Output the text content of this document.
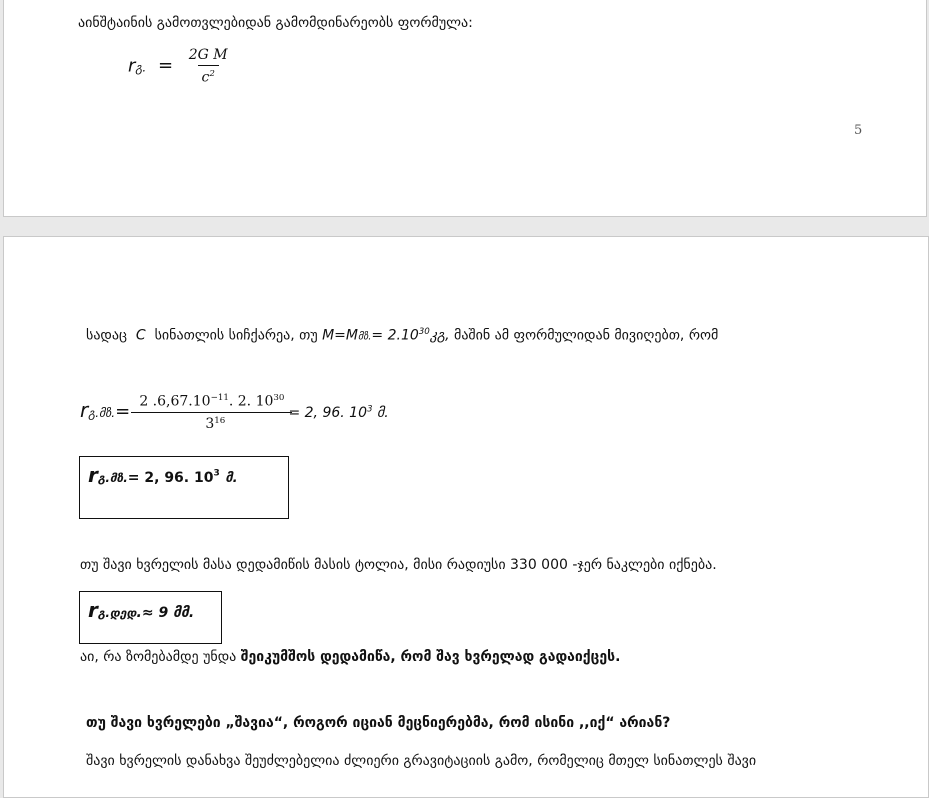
აინშტაინის გამოთვლებიდან გამომდინარეობს ფორმულა:
rგ. = $\frac{\text{2G M}}{c^2}$
5
სადაც C სინათლის სიჩქარეა, თუ M=Mმზ.= $2.10^{30}კგ$, მაშინ ამ ფორმულიდან მივიღებთ, რომ
rგ.მზ.= $\frac{2 .6,67.10^{-11}. 2. 10^{30}}{3^{16}} = 2$, 96. $10^3$ მ.
rგ.მზ.= 2, 96. $10^3$ მ.
თუ შავი ხვრელის მასა დედამიწის მასის ტოლია, მისი რადიუსი 330 000 -ჯერ ნაკლები იქნება.
rგ.დედ.≈ 9 მმ.
აი, რა ზომებამდე უნდა შეიკუმშოს დედამიწა, რომ შავ ხვრელად გადაიქცეს.
თუ შავი ხვრელები „შავია“, როგორ იციან მეცნიერებმა, რომ ისინი ,,იქ“ არიან?
შავი ხვრელის დანახვა შეუძლებელია ძლიერი გრავიტაციის გამო, რომელიც მთელ სინათლეს შავი
